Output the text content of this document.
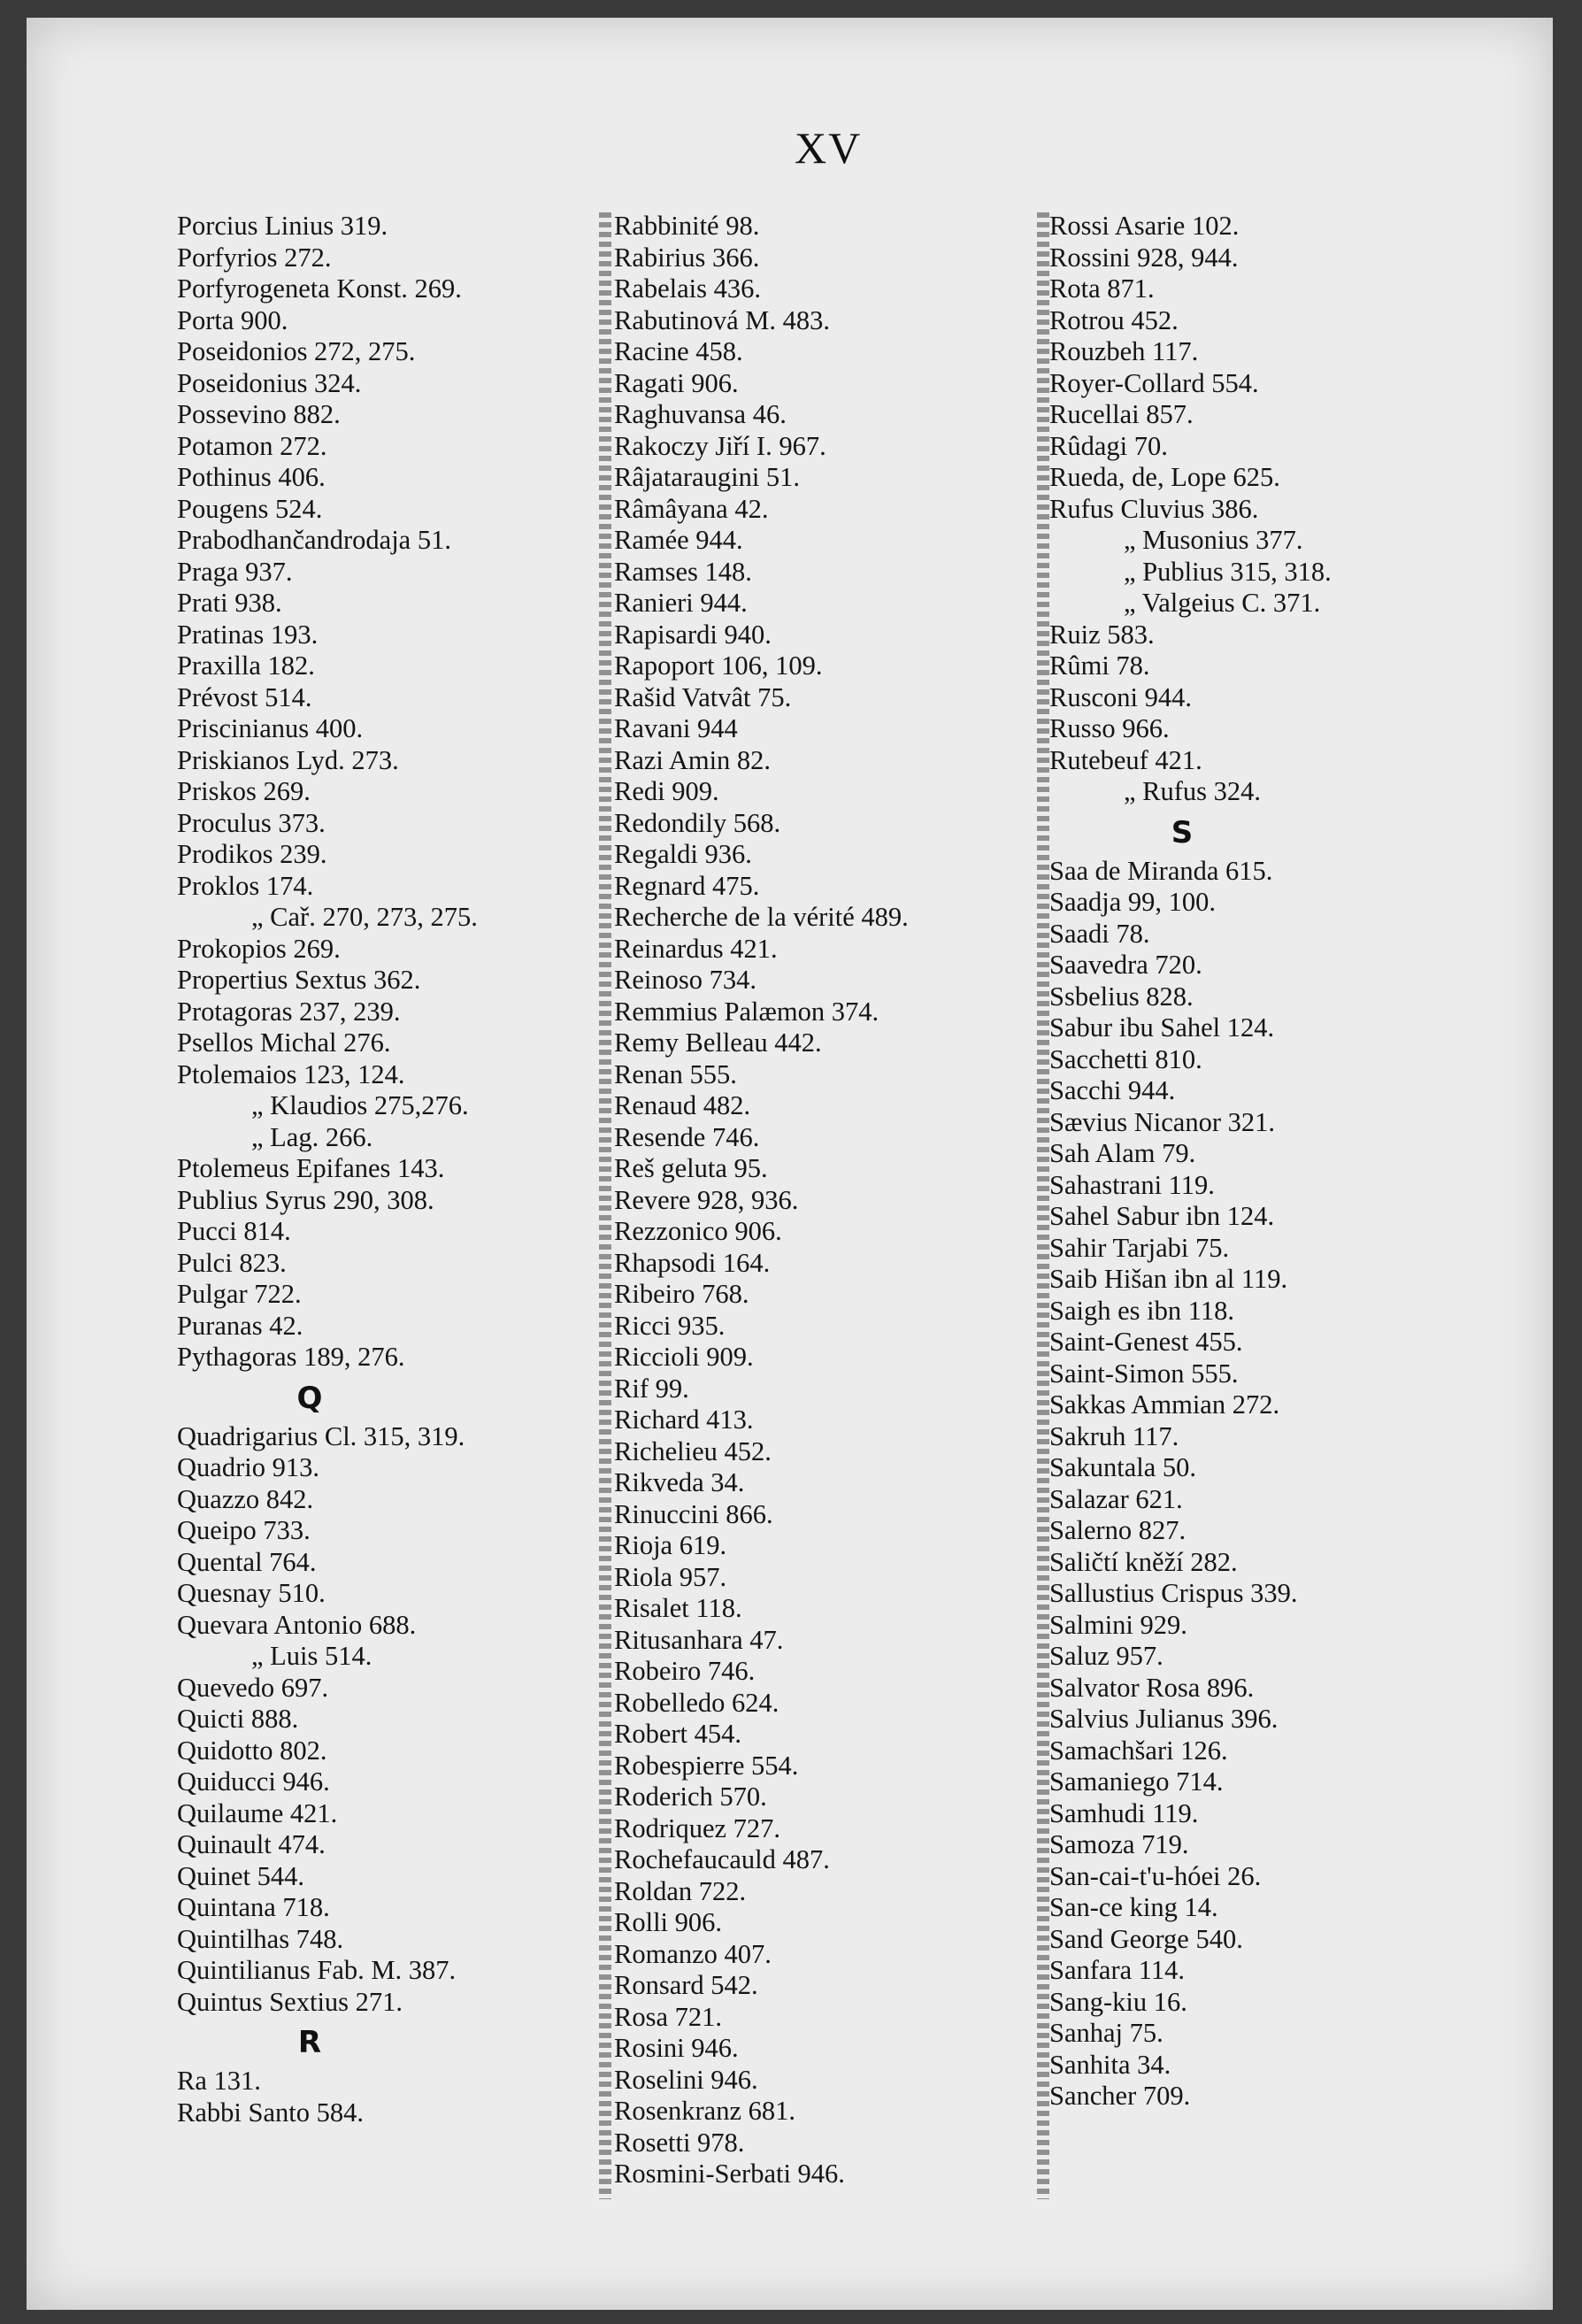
XV
Porcius Linius 319.
Porfyrios 272.
Porfyrogeneta Konst. 269.
Porta 900.
Poseidonios 272, 275.
Poseidonius 324.
Possevino 882.
Potamon 272.
Pothinus 406.
Pougens 524.
Prabodhančandrodaja 51.
Praga 937.
Prati 938.
Pratinas 193.
Praxilla 182.
Prévost 514.
Priscinianus 400.
Priskianos Lyd. 273.
Priskos 269.
Proculus 373.
Prodikos 239.
Proklos 174.
„ Cař. 270, 273, 275.
Prokopios 269.
Propertius Sextus 362.
Protagoras 237, 239.
Psellos Michal 276.
Ptolemaios 123, 124.
„ Klaudios 275,276.
„ Lag. 266.
Ptolemeus Epifanes 143.
Publius Syrus 290, 308.
Pucci 814.
Pulci 823.
Pulgar 722.
Puranas 42.
Pythagoras 189, 276.
Q
Quadrigarius Cl. 315, 319.
Quadrio 913.
Quazzo 842.
Queipo 733.
Quental 764.
Quesnay 510.
Quevara Antonio 688.
„ Luis 514.
Quevedo 697.
Quicti 888.
Quidotto 802.
Quiducci 946.
Quilaume 421.
Quinault 474.
Quinet 544.
Quintana 718.
Quintilhas 748.
Quintilianus Fab. M. 387.
Quintus Sextius 271.
R
Ra 131.
Rabbi Santo 584.
Rabbinité 98.
Rabirius 366.
Rabelais 436.
Rabutinová M. 483.
Racine 458.
Ragati 906.
Raghuvansa 46.
Rakoczy Jiří I. 967.
Râjataraugini 51.
Râmâyana 42.
Ramée 944.
Ramses 148.
Ranieri 944.
Rapisardi 940.
Rapoport 106, 109.
Rašid Vatvât 75.
Ravani 944
Razi Amin 82.
Redi 909.
Redondily 568.
Regaldi 936.
Regnard 475.
Recherche de la vérité 489.
Reinardus 421.
Reinoso 734.
Remmius Palæmon 374.
Remy Belleau 442.
Renan 555.
Renaud 482.
Resende 746.
Reš geluta 95.
Revere 928, 936.
Rezzonico 906.
Rhapsodi 164.
Ribeiro 768.
Ricci 935.
Riccioli 909.
Rif 99.
Richard 413.
Richelieu 452.
Rikveda 34.
Rinuccini 866.
Rioja 619.
Riola 957.
Risalet 118.
Ritusanhara 47.
Robeiro 746.
Robelledo 624.
Robert 454.
Robespierre 554.
Roderich 570.
Rodriquez 727.
Rochefaucauld 487.
Roldan 722.
Rolli 906.
Romanzo 407.
Ronsard 542.
Rosa 721.
Rosini 946.
Roselini 946.
Rosenkranz 681.
Rosetti 978.
Rosmini-Serbati 946.
Rossi Asarie 102.
Rossini 928, 944.
Rota 871.
Rotrou 452.
Rouzbeh 117.
Royer-Collard 554.
Rucellai 857.
Rûdagi 70.
Rueda, de, Lope 625.
Rufus Cluvius 386.
„ Musonius 377.
„ Publius 315, 318.
„ Valgeius C. 371.
Ruiz 583.
Rûmi 78.
Rusconi 944.
Russo 966.
Rutebeuf 421.
„ Rufus 324.
S
Saa de Miranda 615.
Saadja 99, 100.
Saadi 78.
Saavedra 720.
Ssbelius 828.
Sabur ibu Sahel 124.
Sacchetti 810.
Sacchi 944.
Sævius Nicanor 321.
Sah Alam 79.
Sahastrani 119.
Sahel Sabur ibn 124.
Sahir Tarjabi 75.
Saib Hišan ibn al 119.
Saigh es ibn 118.
Saint-Genest 455.
Saint-Simon 555.
Sakkas Ammian 272.
Sakruh 117.
Sakuntala 50.
Salazar 621.
Salerno 827.
Saličtí kněží 282.
Sallustius Crispus 339.
Salmini 929.
Saluz 957.
Salvator Rosa 896.
Salvius Julianus 396.
Samachšari 126.
Samaniego 714.
Samhudi 119.
Samoza 719.
San-cai-t'u-hóei 26.
San-ce king 14.
Sand George 540.
Sanfara 114.
Sang-kiu 16.
Sanhaj 75.
Sanhita 34.
Sancher 709.
